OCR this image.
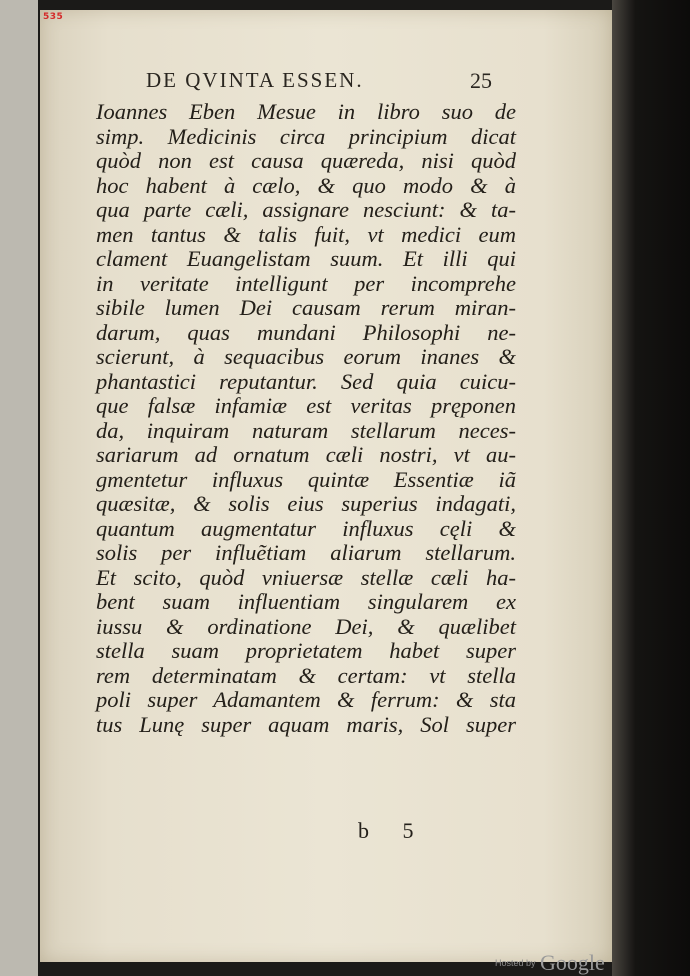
535
DE QVINTA ESSEN.	25
Ioannes Eben Mesue in libro suo de
simp. Medicinis circa principium dicat
quòd non est causa quæreda, nisi quòd
hoc habent à cælo, & quo modo & à
qua parte cæli, assignare nesciunt: & ta-
men tantus & talis fuit, vt medici eum
clament Euangelistam suum. Et illi qui
in veritate intelligunt per incomprehe
sibile lumen Dei causam rerum miran-
darum, quas mundani Philosophi ne-
scierunt, à sequacibus eorum inanes &
phantastici reputantur. Sed quia cuicu-
que falsæ infamiæ est veritas pręponen
da, inquiram naturam stellarum neces-
sariarum ad ornatum cæli nostri, vt au-
gmentetur influxus quintæ Essentiæ iã
quæsitæ, & solis eius superius indagati,
quantum augmentatur influxus cęli &
solis per influẽtiam aliarum stellarum.
Et scito, quòd vniuersæ stellæ cæli ha-
bent suam influentiam singularem ex
iussu & ordinatione Dei, & quælibet
stella suam proprietatem habet super
rem determinatam & certam: vt stella
poli super Adamantem & ferrum: & sta
tus Lunę super aquam maris, Sol super
b 5
Hosted by Google
